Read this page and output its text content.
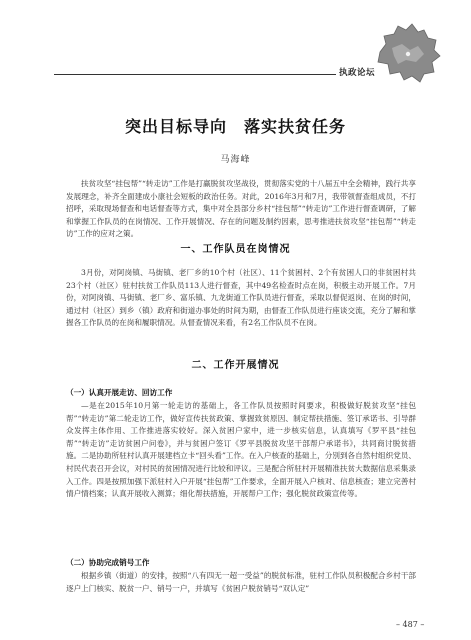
执政论坛
突出目标导向　落实扶贫任务
马海峰

扶贫攻坚“挂包帮”“转走访”工作是打赢脱贫攻坚战役，贯彻落实党的十八届五中全会精神，践行共享发展理念，补齐全面建成小康社会短板的政治任务。对此，2016年3月和7月，我带领督查组成员，不打招呼，采取现场督查和电话督查等方式，集中对全县部分乡村“挂包帮”“转走访”工作进行督查调研，了解和掌握工作队员的在岗情况、工作开展情况、存在的问题及制约因素，思考推进扶贫攻坚“挂包帮”“转走访”工作的应对之策。

一、工作队员在岗情况

3月份，对阿岗镇、马街镇、老厂乡的10个村（社区）、11个贫困村、2个有贫困人口的非贫困村共23个村（社区）驻村扶贫工作队员113人进行督查，其中49名检查时点在岗，积极主动开展工作。7月份，对阿岗镇、马街镇、老厂乡、富乐镇、九龙街道工作队员进行督查，采取以督促返岗、在岗的时间，通过村（社区）到乡（镇）政府和街道办事处的时间为期，由督查工作队员进行座谈交流，充分了解和掌握各工作队员的在岗和履职情况。从督查情况来看，有2名工作队员不在岗。

二、工作开展情况
（一）认真开展走访、回访工作

—是在2015年10月第一轮走访的基础上，各工作队员按照时间要求，积极做好脱贫攻坚“挂包帮”“转走访”第二轮走访工作，做好宣传扶贫政策、掌握致贫原因、制定帮扶措施、签订承诺书、引导群众发挥主体作用、工作推进落实较好。深入贫困户家中，进一步核实信息，认真填写《罗平县“挂包帮”“转走访”走访贫困户问卷》，并与贫困户签订《罗平县脱贫攻坚干部帮户承诺书》，共同商讨脱贫措施。二是协助所驻村认真开展建档立卡“回头看”工作。在入户核查的基础上，分別到各自然村组织党员、村民代表召开会议，对村民的贫困情况进行比较和评议。三是配合所驻村开展精准扶贫大数据信息采集录入工作。四是按照加强下派驻村入户开展“挂包帮”工作要求，全面开展入户核对、信息核查；建立完善村情户情档案；认真开展收入测算；细化帮扶措施，开展帮户工作；强化脱贫政策宣传等。

（二）协助完成销号工作

根据乡镇（街道）的安排，按照“八有四无一超一受益”的脱贫标准，驻村工作队员积极配合乡村干部逐户上门核实、脱贫一户、销号一户，并填写《贫困户脱贫销号“双认定”

– 487 –
